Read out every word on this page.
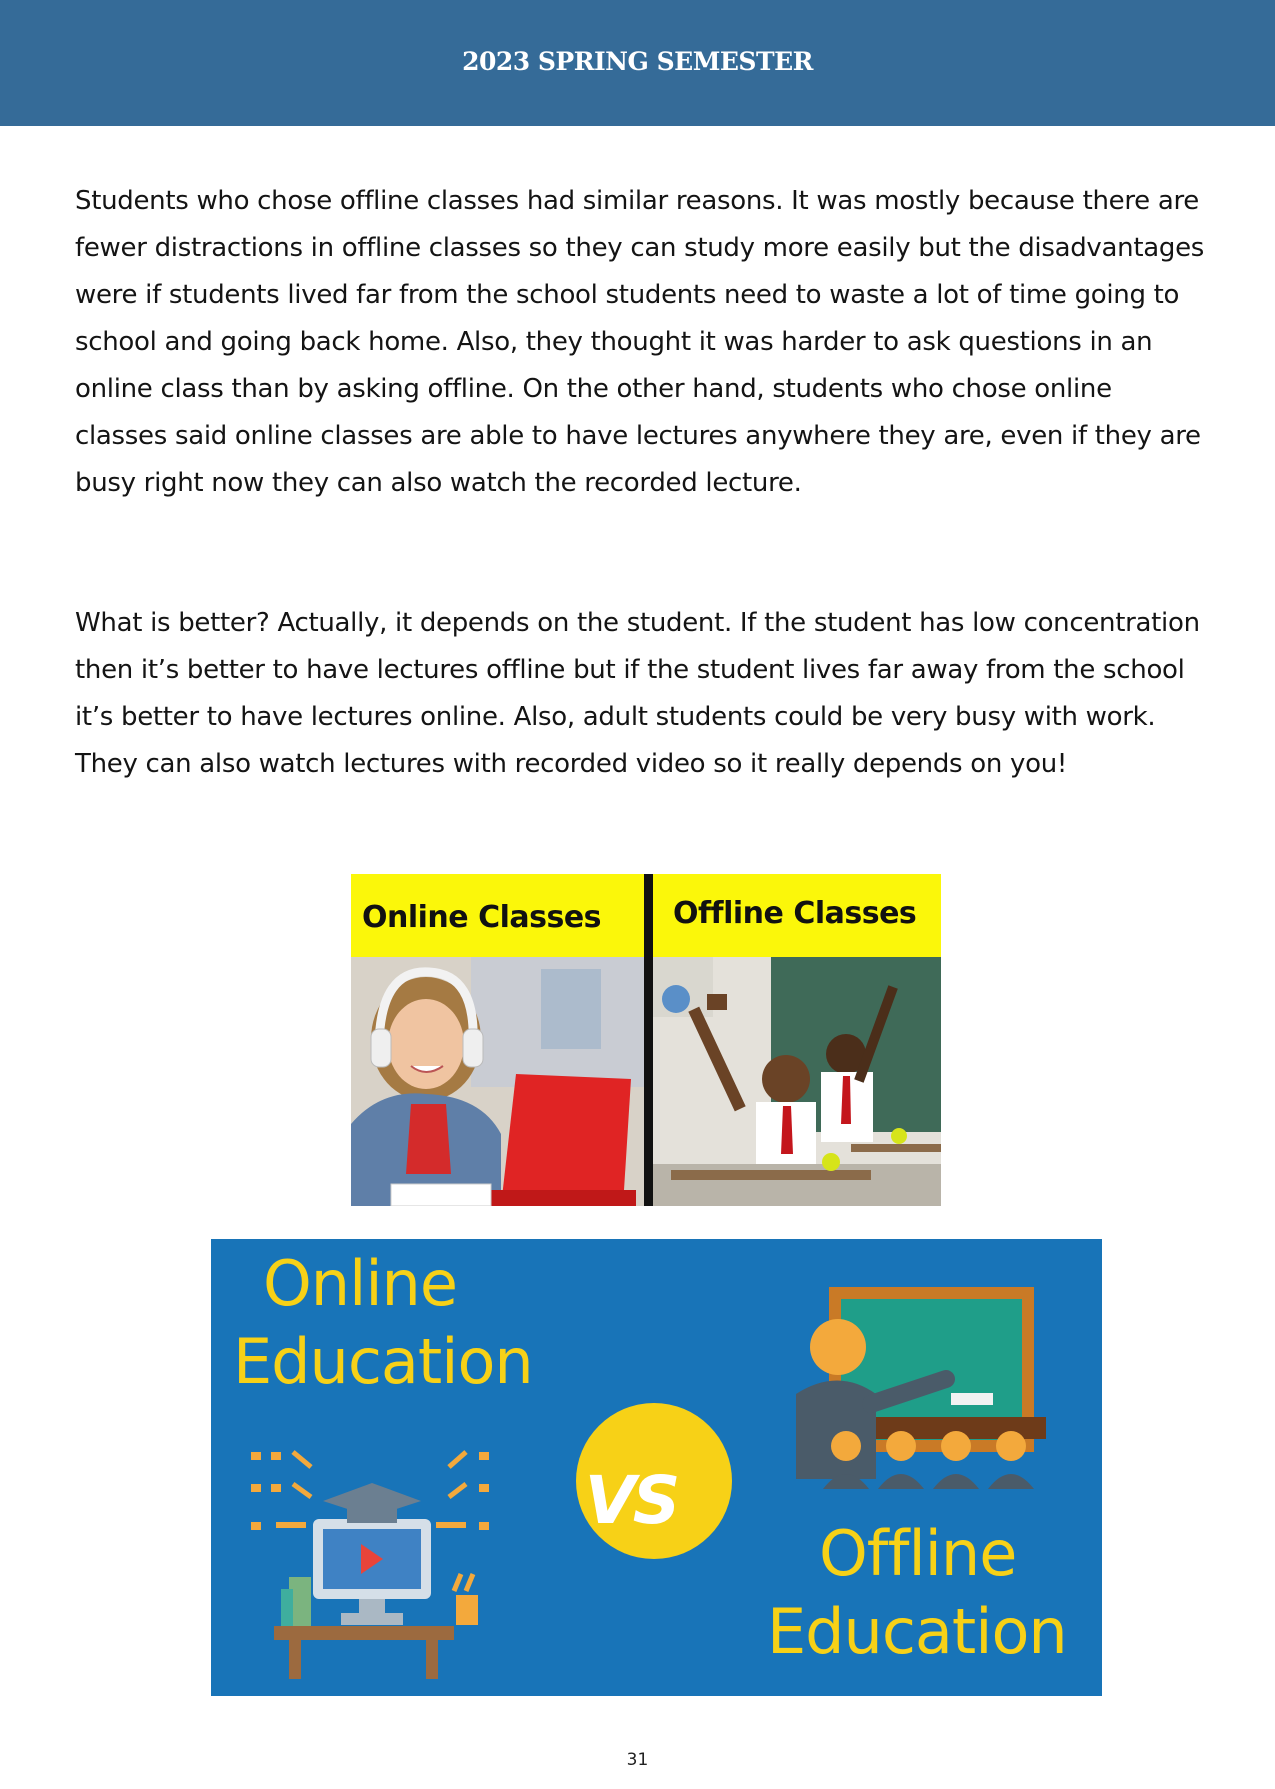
2023 SPRING SEMESTER

Students who chose offline classes had similar reasons. It was mostly because there are fewer distractions in offline classes so they can study more easily but the disadvantages were if students lived far from the school students need to waste a lot of time going to school and going back home. Also, they thought it was harder to ask questions in an online class than by asking offline. On the other hand, students who chose online classes said online classes are able to have lectures anywhere they are, even if they are busy right now they can also watch the recorded lecture.

What is better? Actually, it depends on the student. If the student has low concentration then it’s better to have lectures offline but if the student lives far away from the school it’s better to have lectures online. Also, adult students could be very busy with work. They can also watch lectures with recorded video so it really depends on you!

Online Classes Offline Classes
Online
Education
VS
Offline
Education
31
